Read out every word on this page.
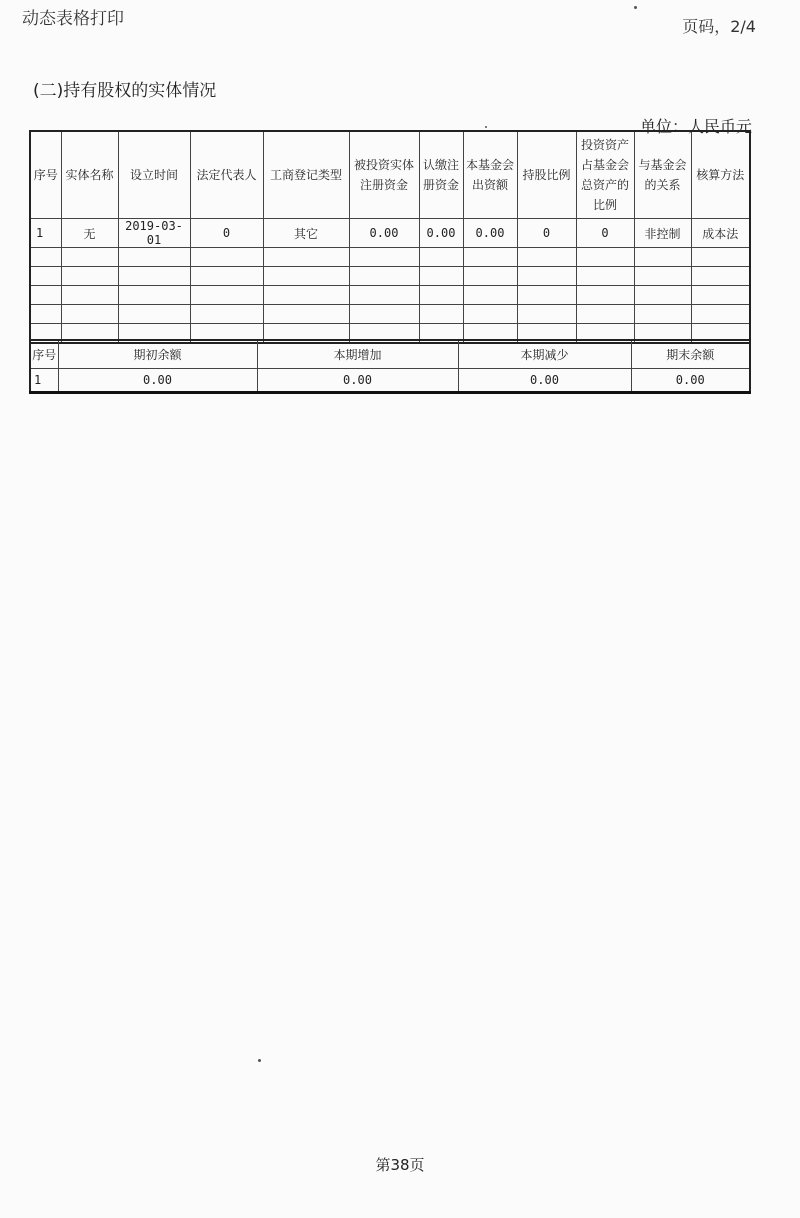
动态表格打印	页码，2/4
(二)持有股权的实体情况
单位：人民币元
序号	实体名称	设立时间	法定代表人	工商登记类型	被投资实体注册资金	认缴注册资金	本基金会出资额	持股比例	投资资产占基金会总资产的比例	与基金会的关系	核算方法
1	无	2019-03-01	0	其它	0.00	0.00	0.00	0	0	非控制	成本法

序号	期初余额	本期增加	本期减少	期末余额
1	0.00	0.00	0.00	0.00
第38页
